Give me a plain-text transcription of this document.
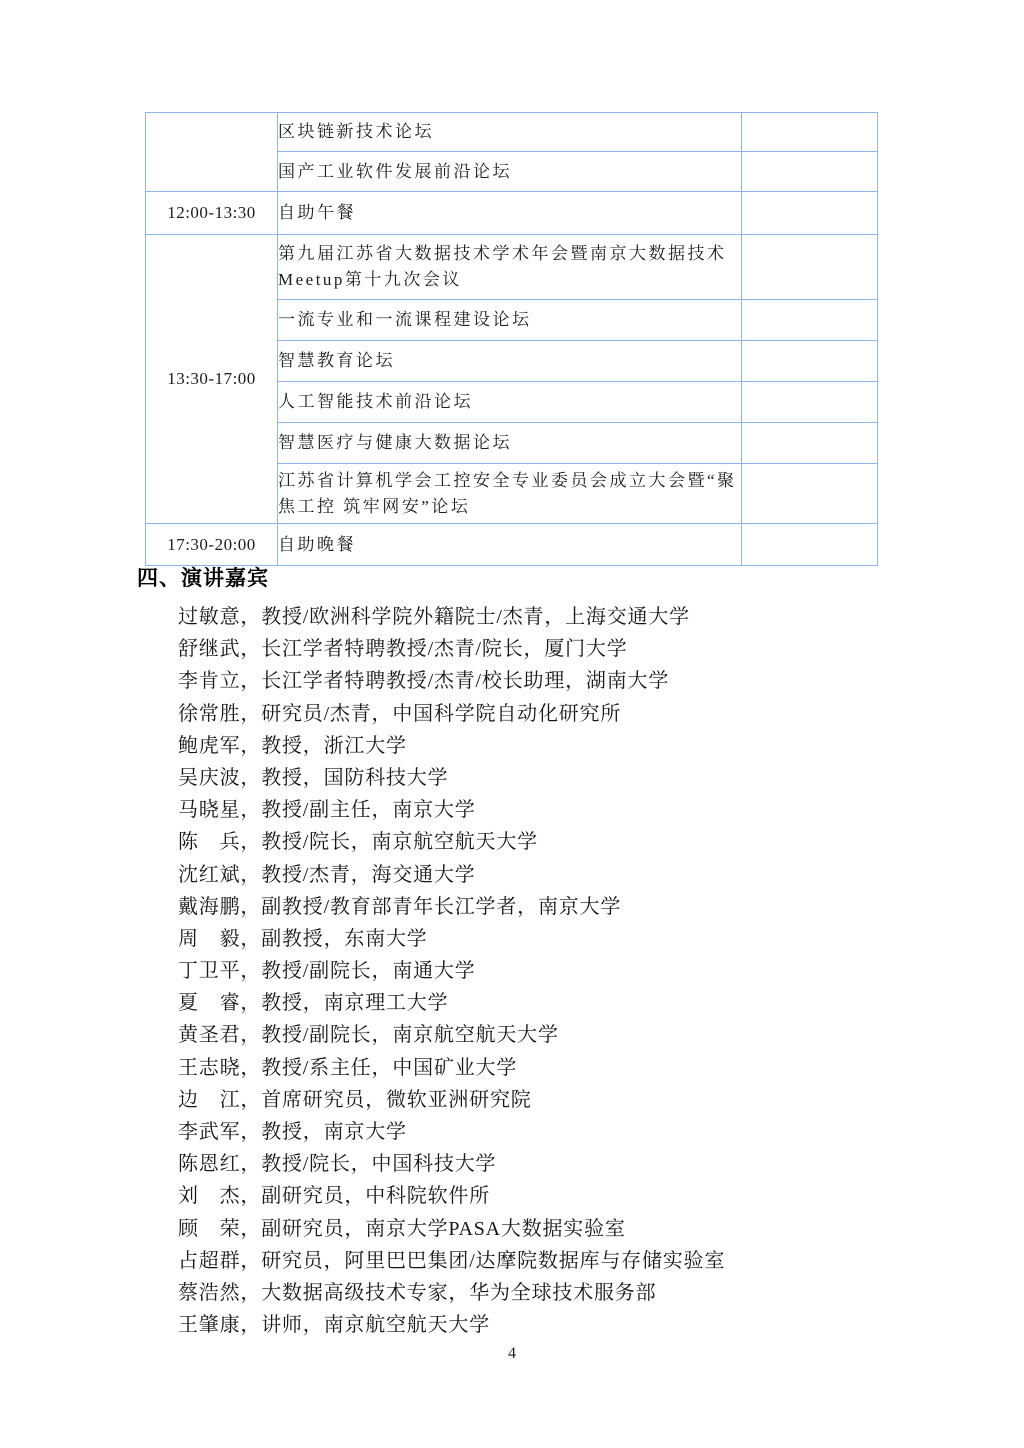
	区块链新技术论坛	
	国产工业软件发展前沿论坛	
12:00-13:30	自助午餐	
13:30-17:00	第九届江苏省大数据技术学术年会暨南京大数据技术Meetup第十九次会议	
	一流专业和一流课程建设论坛	
	智慧教育论坛	
	人工智能技术前沿论坛	
	智慧医疗与健康大数据论坛	
	江苏省计算机学会工控安全专业委员会成立大会暨“聚焦工控 筑牢网安”论坛	
17:30-20:00	自助晚餐	
四、演讲嘉宾
过敏意，教授/欧洲科学院外籍院士/杰青，上海交通大学
舒继武，长江学者特聘教授/杰青/院长，厦门大学
李肯立，长江学者特聘教授/杰青/校长助理，湖南大学
徐常胜，研究员/杰青，中国科学院自动化研究所
鲍虎军，教授，浙江大学
吴庆波，教授，国防科技大学
马晓星，教授/副主任，南京大学
陈　兵，教授/院长，南京航空航天大学
沈红斌，教授/杰青，海交通大学
戴海鹏，副教授/教育部青年长江学者，南京大学
周　毅，副教授，东南大学
丁卫平，教授/副院长，南通大学
夏　睿，教授，南京理工大学
黄圣君，教授/副院长，南京航空航天大学
王志晓，教授/系主任，中国矿业大学
边　江，首席研究员，微软亚洲研究院
李武军，教授，南京大学
陈恩红，教授/院长，中国科技大学
刘　杰，副研究员，中科院软件所
顾　荣，副研究员，南京大学PASA大数据实验室
占超群，研究员，阿里巴巴集团/达摩院数据库与存储实验室
蔡浩然，大数据高级技术专家，华为全球技术服务部
王肇康，讲师，南京航空航天大学
4
